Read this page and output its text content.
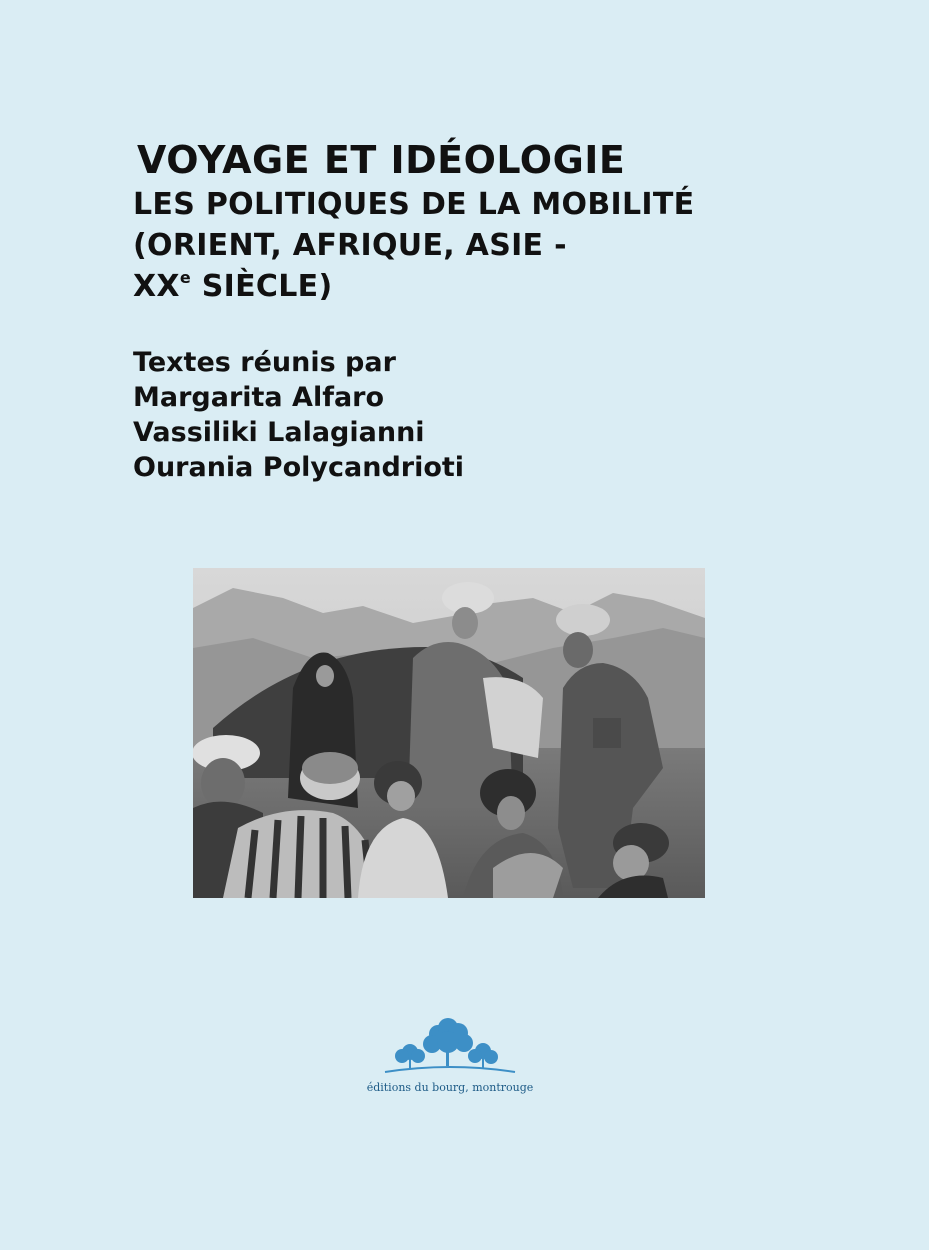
VOYAGE ET IDÉOLOGIE

LES POLITIQUES DE LA MOBILITÉ

(ORIENT, AFRIQUE, ASIE -

XXe SIÈCLE)

Textes réunis par

Margarita Alfaro

Vassiliki Lalagianni

Ourania Polycandrioti

éditions du bourg, montrouge
